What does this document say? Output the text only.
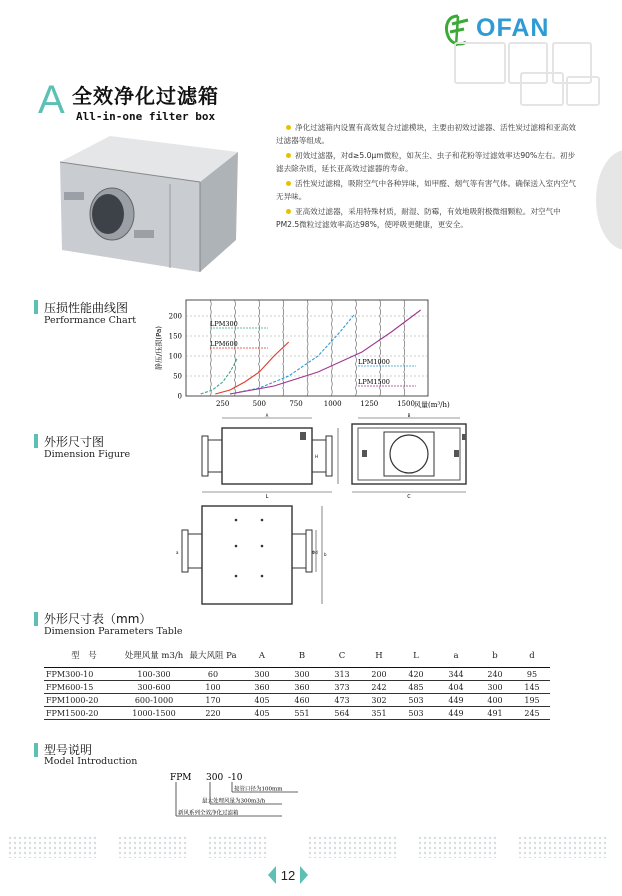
OFAN
A 全效净化过滤箱
All-in-one filter box

净化过滤箱内设置有高效复合过滤模块，主要由初效过滤器、活性炭过滤棉和亚高效过滤器等组成。

初效过滤器，对d≥5.0μm微粒，如灰尘、虫子和花粉等过滤效率达90%左右。初步滤去除杂质，延长亚高效过滤器的寿命。

活性炭过滤棉，吸附空气中各种异味，如甲醛、烟气等有害气体。确保送入室内空气无异味。

亚高效过滤器，采用特殊材质，耐湿、防霉，有效地吸附极微细颗粒。对空气中PM2.5微粒过滤效率高达98%，使呼吸更健康，更安全。

压损性能曲线图
Performance Chart
0
50
100
150
200
250	500	750	1000	1250	1500 风量(m³/h)
静压/压损(Pa)
LPM300
LPM600
LPM1000
LPM1500
外形尺寸图
Dimension Figure
A
L
H
C
B
Φd b
a
外形尺寸表（mm）
Dimension Parameters Table
型　号	处理风量 m3/h	最大风阻 Pa	A	B	C	H	L	a	b	d
FPM300-10	100-300	60	300	300	313	200	420	344	240	95
FPM600-15	300-600	100	360	360	373	242	485	404	300	145
FPM1000-20	600-1000	170	405	460	473	302	503	449	400	195
FPM1500-20	1000-1500	220	405	551	564	351	503	449	491	245
型号说明
Model Introduction
FPM 300 -10
接管口径为100mm
最大处理风量为300m3/h
新风系列全效净化过滤箱
12
